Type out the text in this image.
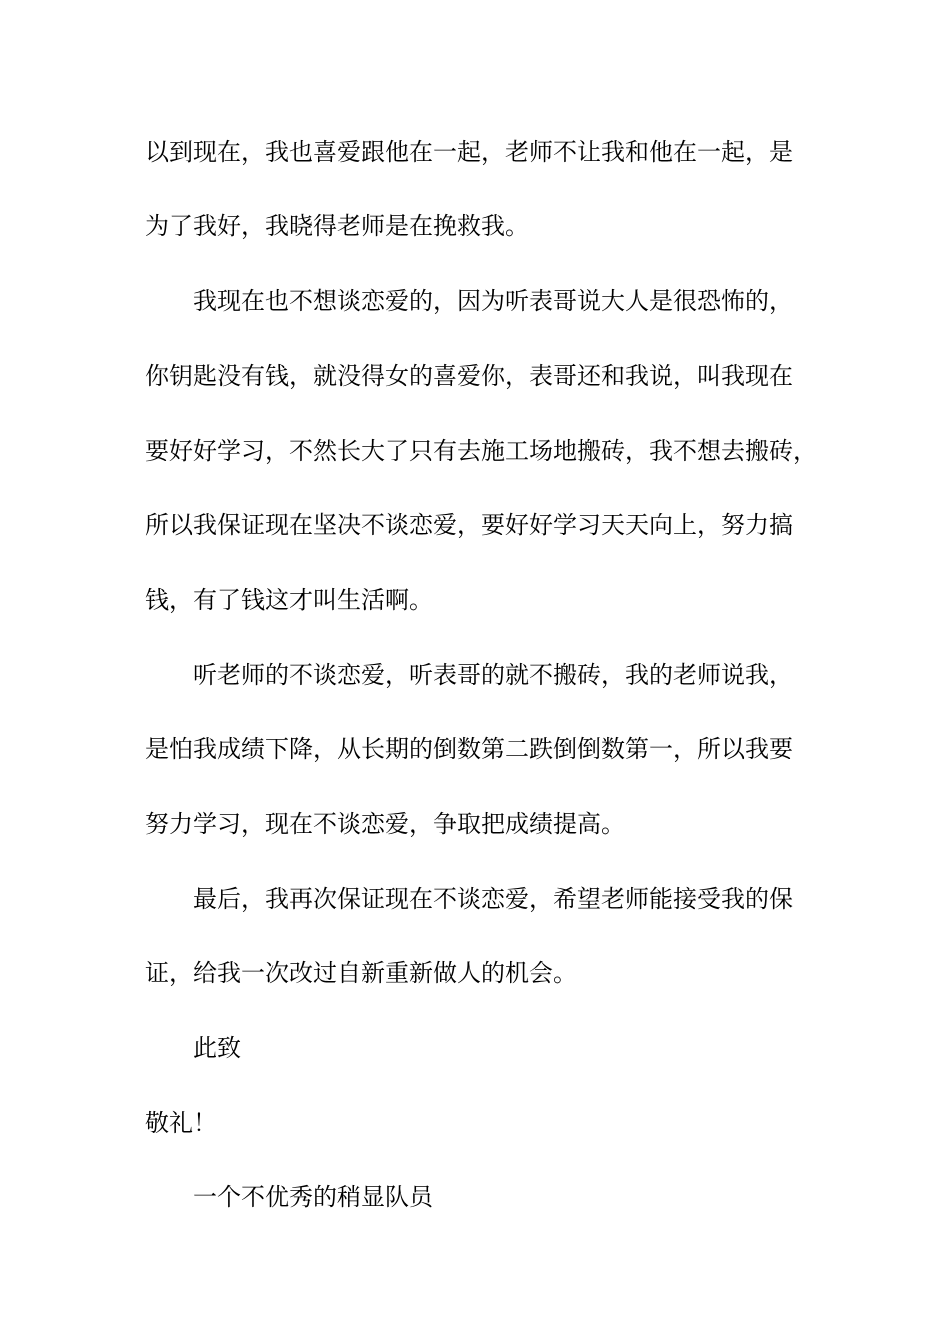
以到现在，我也喜爱跟他在一起，老师不让我和他在一起，是
为了我好，我晓得老师是在挽救我。
我现在也不想谈恋爱的，因为听表哥说大人是很恐怖的，
你钥匙没有钱，就没得女的喜爱你，表哥还和我说，叫我现在
要好好学习，不然长大了只有去施工场地搬砖，我不想去搬砖，
所以我保证现在坚决不谈恋爱，要好好学习天天向上，努力搞
钱，有了钱这才叫生活啊。
听老师的不谈恋爱，听表哥的就不搬砖，我的老师说我，
是怕我成绩下降，从长期的倒数第二跌倒倒数第一，所以我要
努力学习，现在不谈恋爱，争取把成绩提高。
最后，我再次保证现在不谈恋爱，希望老师能接受我的保
证，给我一次改过自新重新做人的机会。
此致
敬礼！
一个不优秀的稍显队员
